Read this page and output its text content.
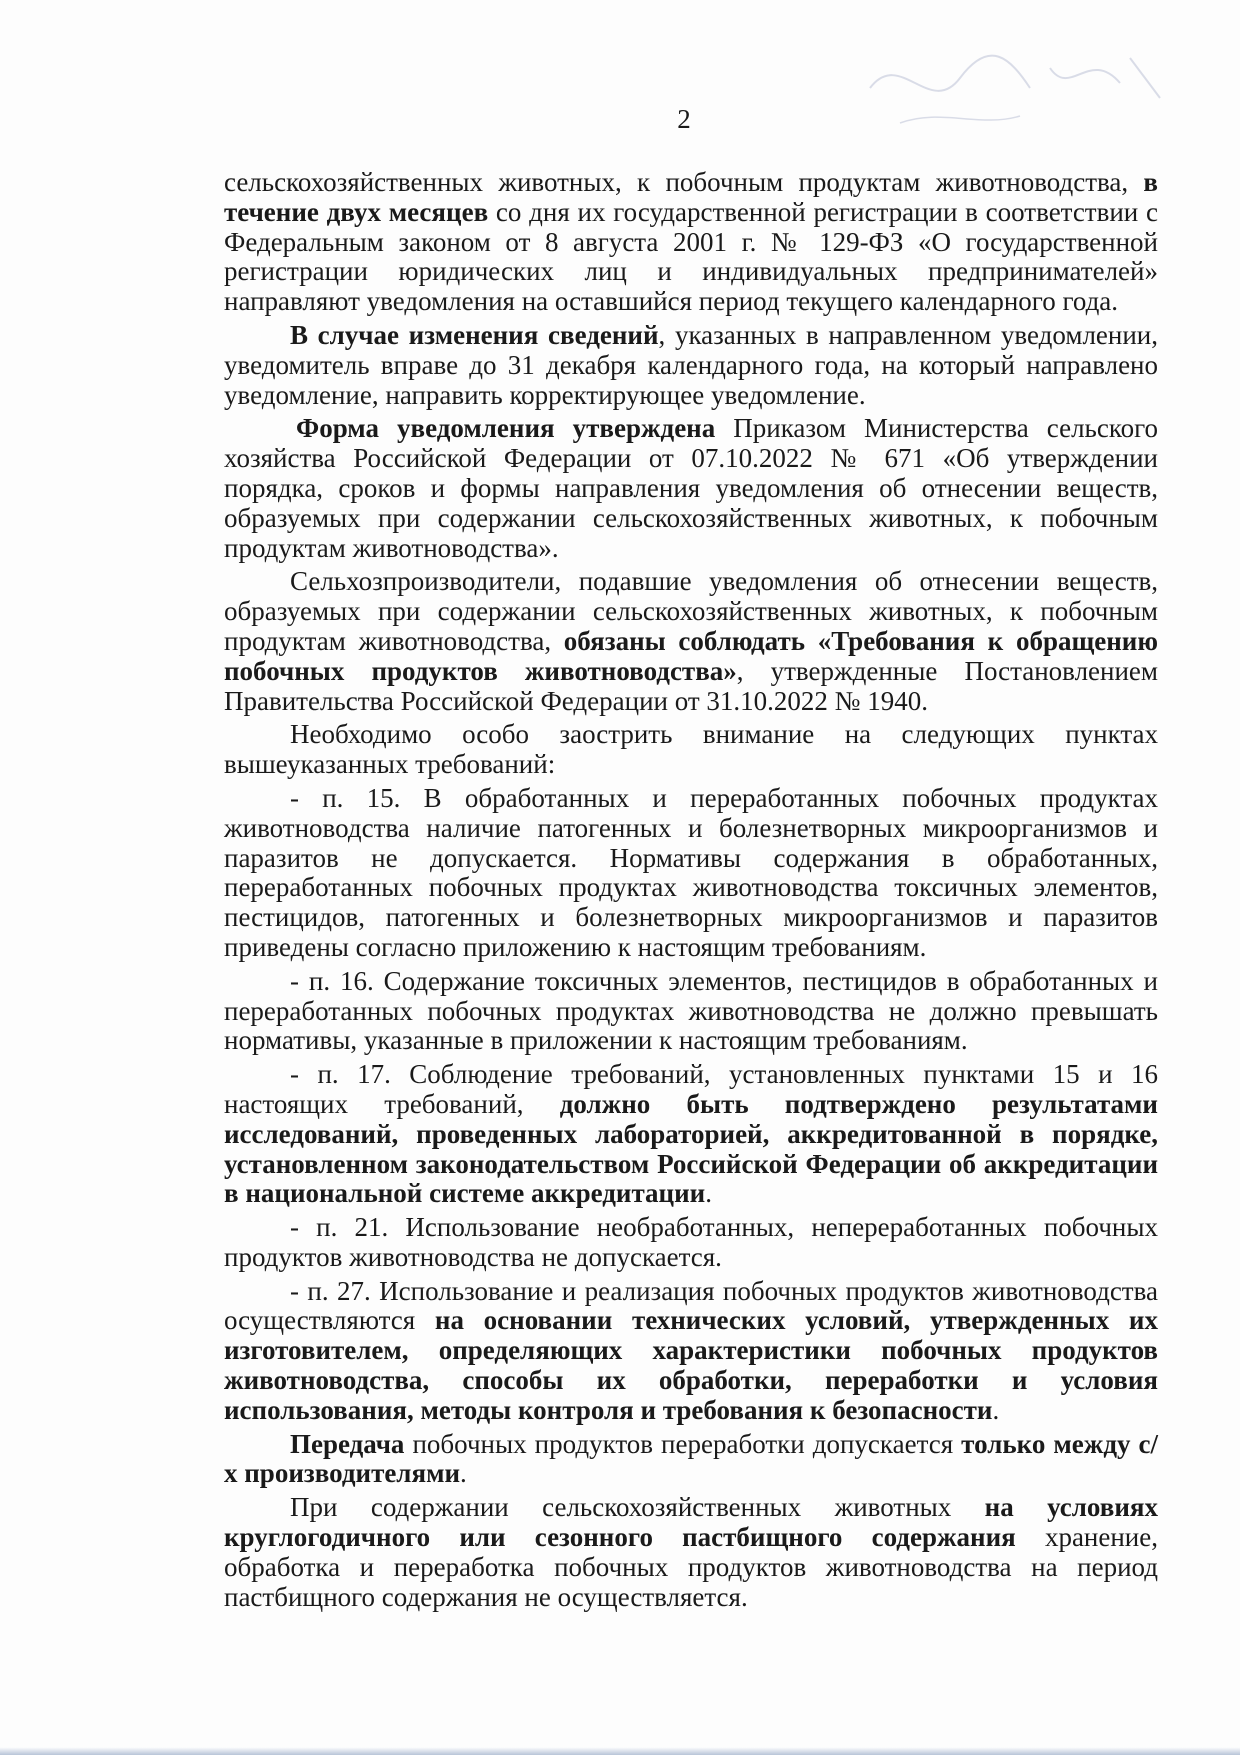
2

сельскохозяйственных животных, к побочным продуктам животноводства, в течение двух месяцев со дня их государственной регистрации в соответствии с Федеральным законом от 8 августа 2001 г. № 129-ФЗ «О государственной регистрации юридических лиц и индивидуальных предпринимателей» направляют уведомления на оставшийся период текущего календарного года.

В случае изменения сведений, указанных в направленном уведомлении, уведомитель вправе до 31 декабря календарного года, на который направлено уведомление, направить корректирующее уведомление.

Форма уведомления утверждена Приказом Министерства сельского хозяйства Российской Федерации от 07.10.2022 № 671 «Об утверждении порядка, сроков и формы направления уведомления об отнесении веществ, образуемых при содержании сельскохозяйственных животных, к побочным продуктам животноводства».

Сельхозпроизводители, подавшие уведомления об отнесении веществ, образуемых при содержании сельскохозяйственных животных, к побочным продуктам животноводства, обязаны соблюдать «Требования к обращению побочных продуктов животноводства», утвержденные Постановлением Правительства Российской Федерации от 31.10.2022 № 1940.

Необходимо особо заострить внимание на следующих пунктах вышеуказанных требований:

- п. 15. В обработанных и переработанных побочных продуктах животноводства наличие патогенных и болезнетворных микроорганизмов и паразитов не допускается. Нормативы содержания в обработанных, переработанных побочных продуктах животноводства токсичных элементов, пестицидов, патогенных и болезнетворных микроорганизмов и паразитов приведены согласно приложению к настоящим требованиям.

- п. 16. Содержание токсичных элементов, пестицидов в обработанных и переработанных побочных продуктах животноводства не должно превышать нормативы, указанные в приложении к настоящим требованиям.

- п. 17. Соблюдение требований, установленных пунктами 15 и 16 настоящих требований, должно быть подтверждено результатами исследований, проведенных лабораторией, аккредитованной в порядке, установленном законодательством Российской Федерации об аккредитации в национальной системе аккредитации.

- п. 21. Использование необработанных, непереработанных побочных продуктов животноводства не допускается.

- п. 27. Использование и реализация побочных продуктов животноводства осуществляются на основании технических условий, утвержденных их изготовителем, определяющих характеристики побочных продуктов животноводства, способы их обработки, переработки и условия использования, методы контроля и требования к безопасности.

Передача побочных продуктов переработки допускается только между с/х производителями.

При содержании сельскохозяйственных животных на условиях круглогодичного или сезонного пастбищного содержания хранение, обработка и переработка побочных продуктов животноводства на период пастбищного содержания не осуществляется.
